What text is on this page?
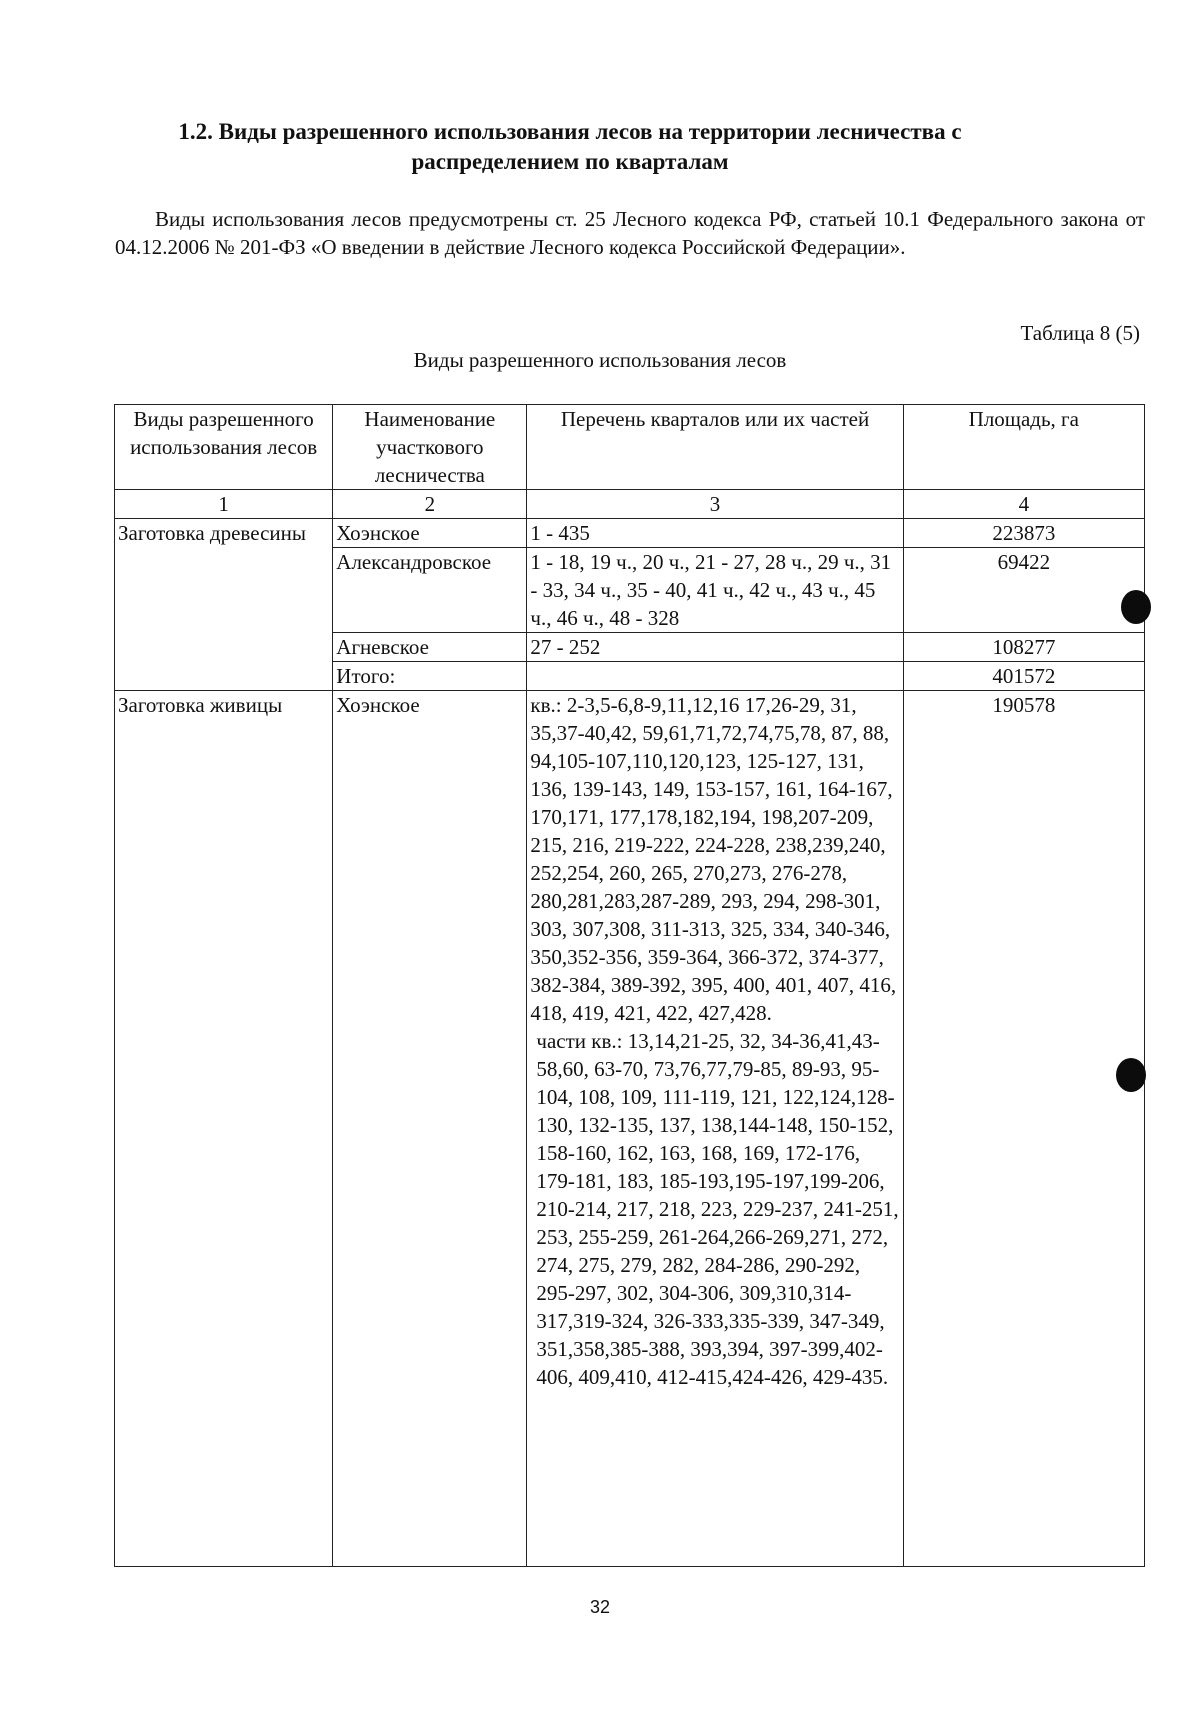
1.2. Виды разрешенного использования лесов на территории лесничества с распределением по кварталам
Виды использования лесов предусмотрены ст. 25 Лесного кодекса РФ, статьей 10.1 Федерального закона от 04.12.2006 № 201-ФЗ «О введении в действие Лесного кодекса Российской Федерации».
Таблица 8 (5)
Виды разрешенного использования лесов
Виды разрешенного использования лесов	Наименование участкового лесничества	Перечень кварталов или их частей	Площадь, га
1	2	3	4
Заготовка древесины	Хоэнское	1 - 435	223873
	Александровское	1 - 18, 19 ч., 20 ч., 21 - 27, 28 ч., 29 ч., 31 - 33, 34 ч., 35 - 40, 41 ч., 42 ч., 43 ч., 45 ч., 46 ч., 48 - 328	69422
	Агневское	27 - 252	108277
	Итого:		401572
Заготовка живицы	Хоэнское	кв.: 2-3,5-6,8-9,11,12,16 17,26-29, 31, 35,37-40,42, 59,61,71,72,74,75,78, 87, 88, 94,105-107,110,120,123, 125-127, 131, 136, 139-143, 149, 153-157, 161, 164-167, 170,171, 177,178,182,194, 198,207-209, 215, 216, 219-222, 224-228, 238,239,240, 252,254, 260, 265, 270,273, 276-278, 280,281,283,287-289, 293, 294, 298-301, 303, 307,308, 311-313, 325, 334, 340-346, 350,352-356, 359-364, 366-372, 374-377, 382-384, 389-392, 395, 400, 401, 407, 416, 418, 419, 421, 422, 427,428.
части кв.: 13,14,21-25, 32, 34-36,41,43-58,60, 63-70, 73,76,77,79-85, 89-93, 95-104, 108, 109, 111-119, 121, 122,124,128-130, 132-135, 137, 138,144-148, 150-152, 158-160, 162, 163, 168, 169, 172-176, 179-181, 183, 185-193,195-197,199-206, 210-214, 217, 218, 223, 229-237, 241-251, 253, 255-259, 261-264,266-269,271, 272, 274, 275, 279, 282, 284-286, 290-292, 295-297, 302, 304-306, 309,310,314-317,319-324, 326-333,335-339, 347-349, 351,358,385-388, 393,394, 397-399,402-406, 409,410, 412-415,424-426, 429-435.	190578
32
